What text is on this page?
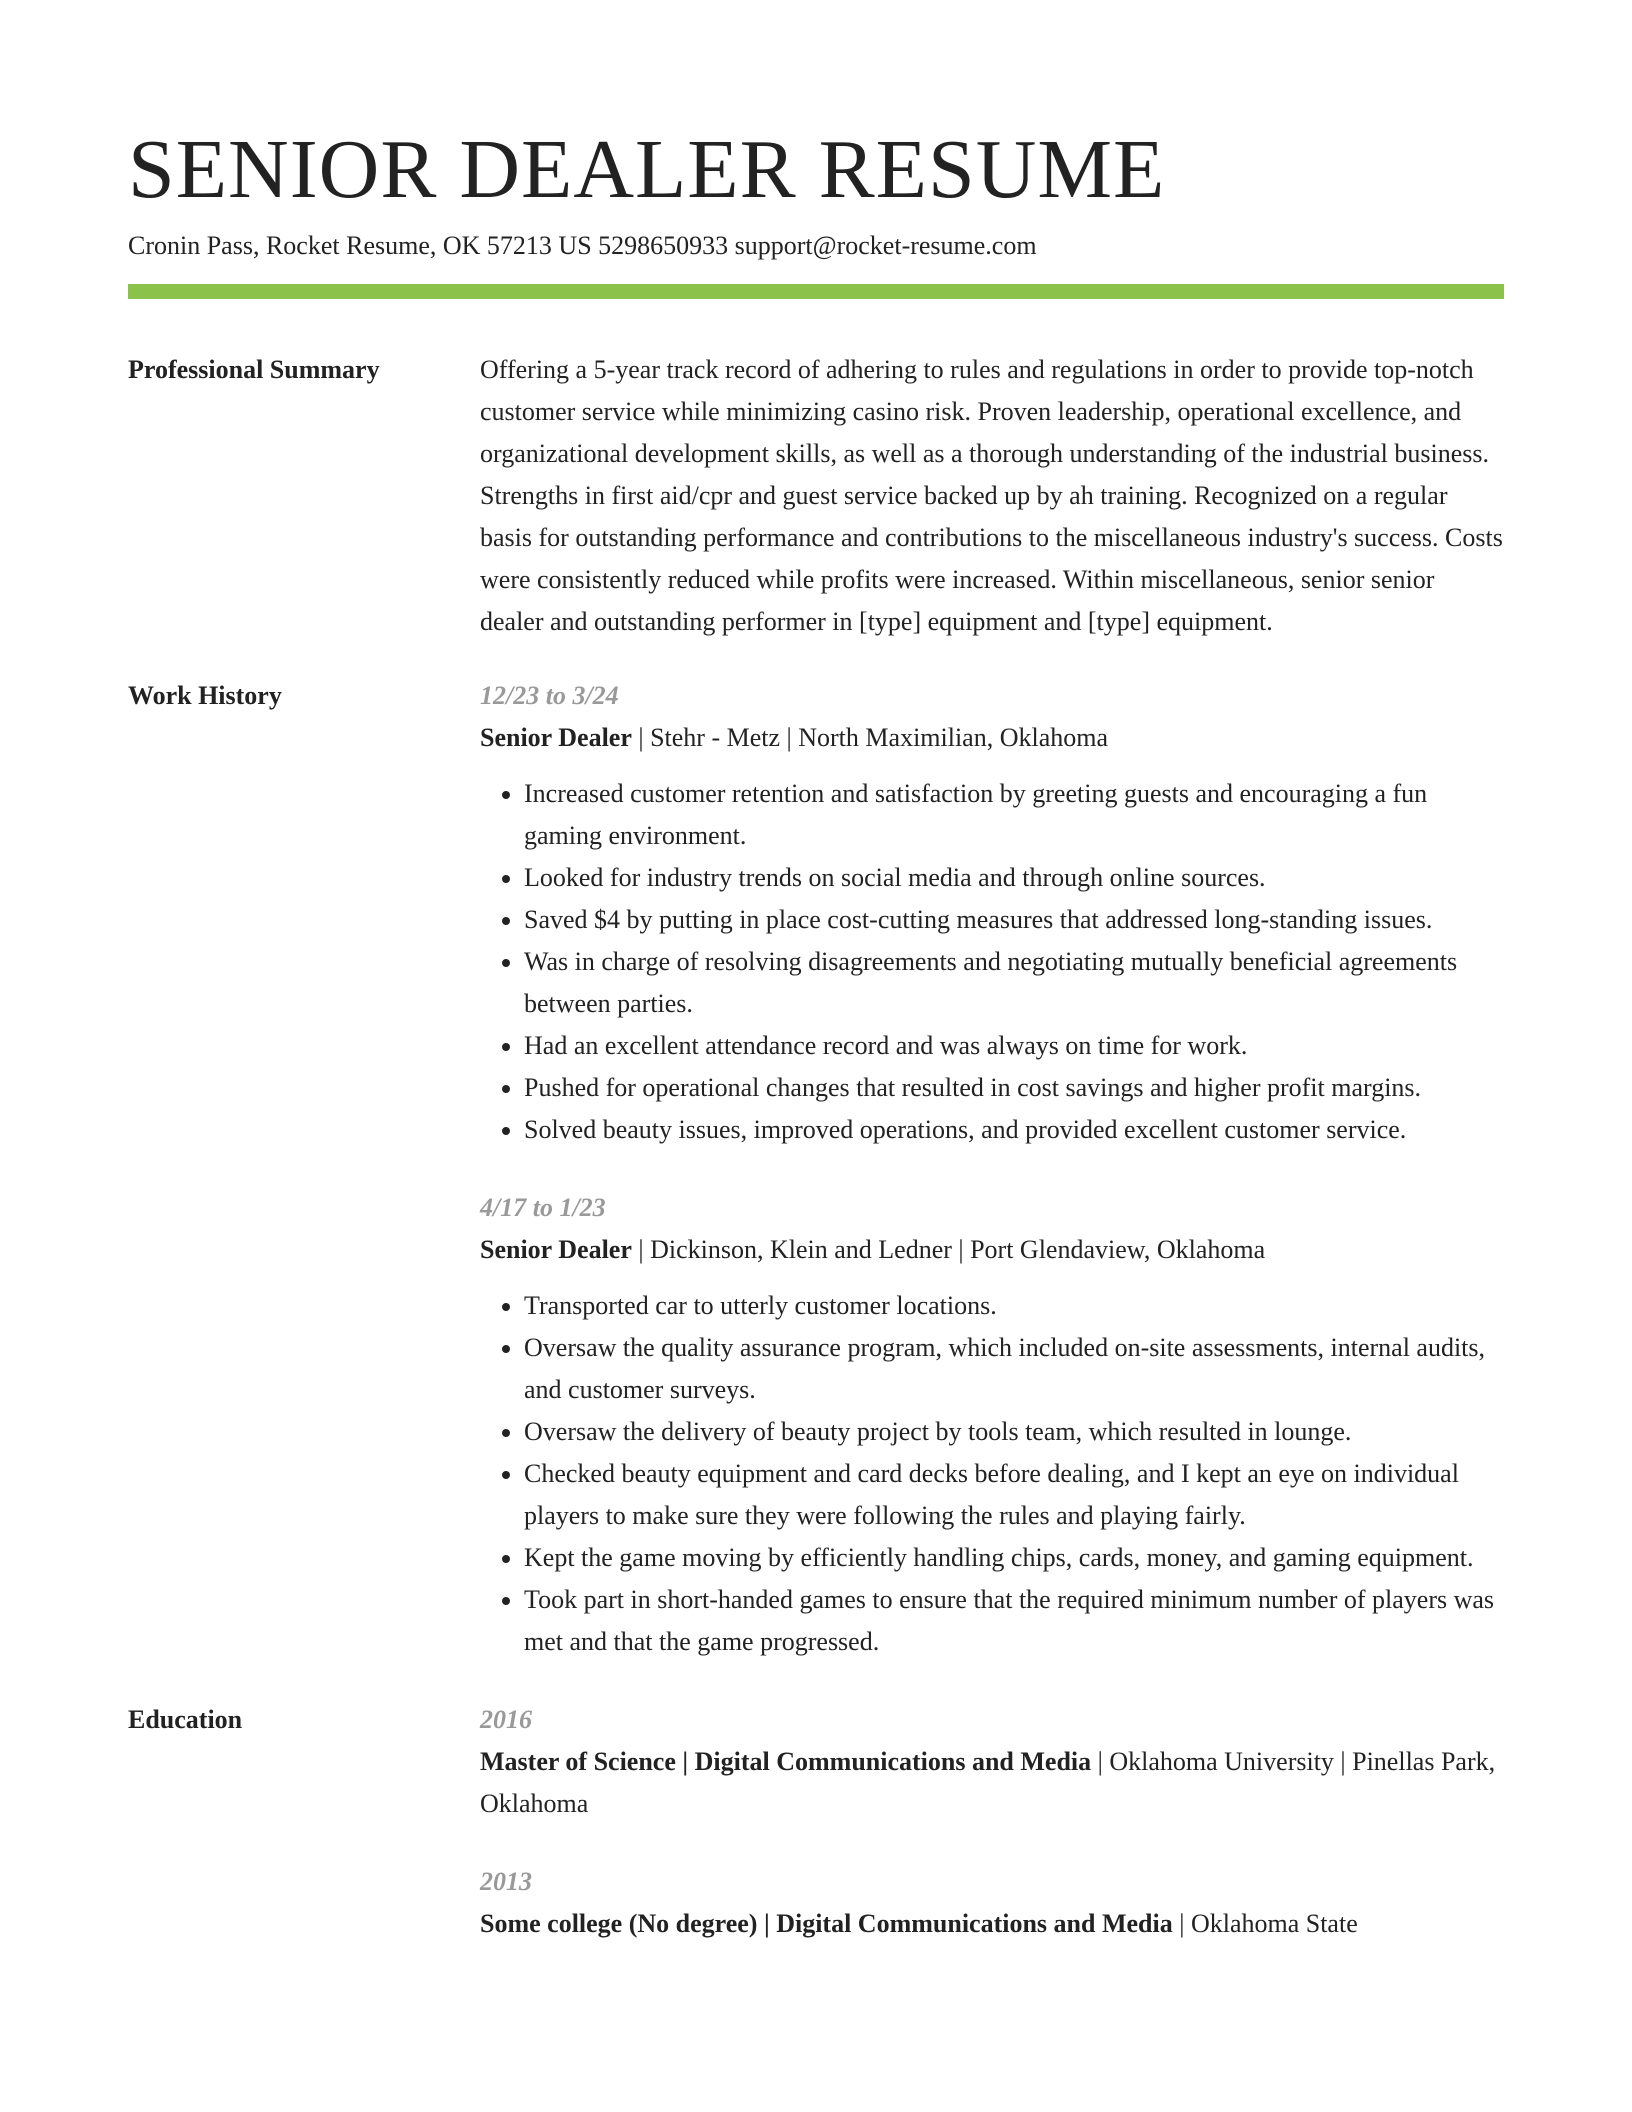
SENIOR DEALER RESUME
Cronin Pass, Rocket Resume, OK 57213 US 5298650933 support@rocket-resume.com
Professional Summary	Offering a 5-year track record of adhering to rules and regulations in order to provide top-notch customer service while minimizing casino risk. Proven leadership, operational excellence, and organizational development skills, as well as a thorough understanding of the industrial business. Strengths in first aid/cpr and guest service backed up by ah training. Recognized on a regular basis for outstanding performance and contributions to the miscellaneous industry's success. Costs were consistently reduced while profits were increased. Within miscellaneous, senior senior dealer and outstanding performer in [type] equipment and [type] equipment.

Work History	12/23 to 3/24
Senior Dealer | Stehr - Metz | North Maximilian, Oklahoma
• Increased customer retention and satisfaction by greeting guests and encouraging a fun gaming environment.
• Looked for industry trends on social media and through online sources.
• Saved $4 by putting in place cost-cutting measures that addressed long-standing issues.
• Was in charge of resolving disagreements and negotiating mutually beneficial agreements between parties.
• Had an excellent attendance record and was always on time for work.
• Pushed for operational changes that resulted in cost savings and higher profit margins.
• Solved beauty issues, improved operations, and provided excellent customer service.
4/17 to 1/23
Senior Dealer | Dickinson, Klein and Ledner | Port Glendaview, Oklahoma
• Transported car to utterly customer locations.
• Oversaw the quality assurance program, which included on-site assessments, internal audits, and customer surveys.
• Oversaw the delivery of beauty project by tools team, which resulted in lounge.
• Checked beauty equipment and card decks before dealing, and I kept an eye on individual players to make sure they were following the rules and playing fairly.
• Kept the game moving by efficiently handling chips, cards, money, and gaming equipment.
• Took part in short-handed games to ensure that the required minimum number of players was met and that the game progressed.
Education	2016
Master of Science | Digital Communications and Media | Oklahoma University | Pinellas Park, Oklahoma
2013
Some college (No degree) | Digital Communications and Media | Oklahoma State
